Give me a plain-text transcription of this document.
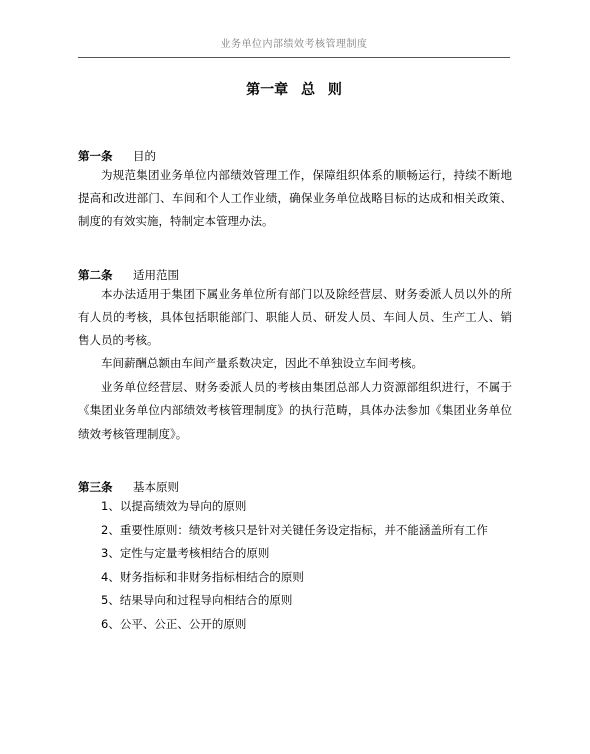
业务单位内部绩效考核管理制度
第一章 总 则
第一条 目的

为规范集团业务单位内部绩效管理工作，保障组织体系的顺畅运行，持续不断地提高和改进部门、车间和个人工作业绩，确保业务单位战略目标的达成和相关政策、制度的有效实施，特制定本管理办法。

第二条 适用范围

本办法适用于集团下属业务单位所有部门以及除经营层、财务委派人员以外的所有人员的考核，具体包括职能部门、职能人员、研发人员、车间人员、生产工人、销售人员的考核。

车间薪酬总额由车间产量系数决定，因此不单独设立车间考核。

业务单位经营层、财务委派人员的考核由集团总部人力资源部组织进行，不属于《集团业务单位内部绩效考核管理制度》的执行范畴，具体办法参加《集团业务单位绩效考核管理制度》。

第三条 基本原则
1、以提高绩效为导向的原则
2、重要性原则：绩效考核只是针对关键任务设定指标，并不能涵盖所有工作
3、定性与定量考核相结合的原则
4、财务指标和非财务指标相结合的原则
5、结果导向和过程导向相结合的原则
6、公平、公正、公开的原则
